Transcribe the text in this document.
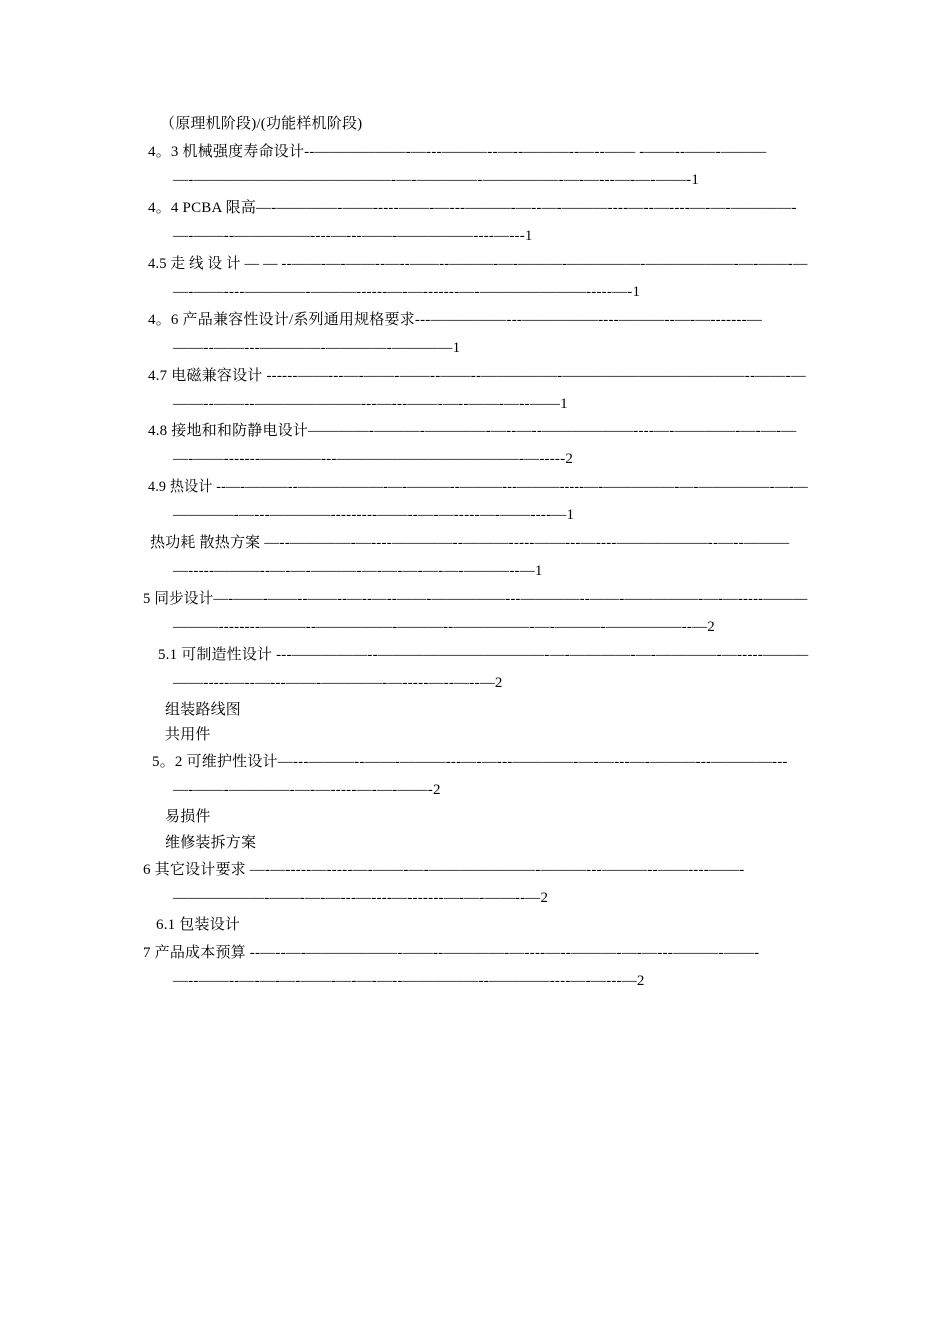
（原理机阶段)/(功能样机阶段)
4。3 机械强度寿命设计--——————-—---———--—--———--—--—— -——--——-———
—-—————————————-—-————-—————-—-—---—-—-——-1
4。4 PCBA 限高—-————-——-----——-—---———-—--—-———----—--—----—-—-————-
—-——--—————----—---——-—————----—---1
4.5 走 线 设 计 — — --——-—-——--—--——--———-—-———-—————-——————-—-——-—
—-——----————-———------—-—-------—-———————-----—-1
4。6 产品兼容性设计/系列通用规格要求---—————---—————----———--—-—-------—
——--——---————-————-————1
4.7 电磁兼容设计 ------——---—-——-——--——--—————-————————————--——-—
——--——--———————---—---——-—--——-—--——1
4.8 接地和和防静电设计————-———-————-—--—--——————----—-————-—-—-—
—-——-------————---————————————-—-----2
4.9 热设计 --—-———--——————-—-———--———---———-----—-—————-—-—————-—-—
————-—---————---------——--—-—-----—-——----—1
热功耗 散热方案 —--————-—----————--———-----——---—----——————--—--———
—-----———--—-—-———-—-—-—-—-—-———--—1
5 同步设计—-——-——--——--—--—--——-—————---————--——-—————-—-—-----———
———--------———--—————-———--—————-—-———-—————--—2
5.1 可制造性设计 ---—————--———————————-—-————-—-————-—-----———
——-----—--—---——-————-—-----—--—--—2
组装路线图
共用件
5。2 可维护性设计—---———--——-———---—-—---————-—-—---—-———---————---
—-——-————-—-—-----—-—-——-2
易损件
维修装拆方案
6 其它设计要求 —-—-----—-----—-——-—-———————-———---———--——----——-
——————-——-—-—---—----—-------—-—-——--—2
6.1 包装设计
7 产品成本预算 --—--—-——————-——--————-—----—--———-—-—---———-——-
—--——--—-—-—-——-—-—-—--—————--————----—-—---—2
